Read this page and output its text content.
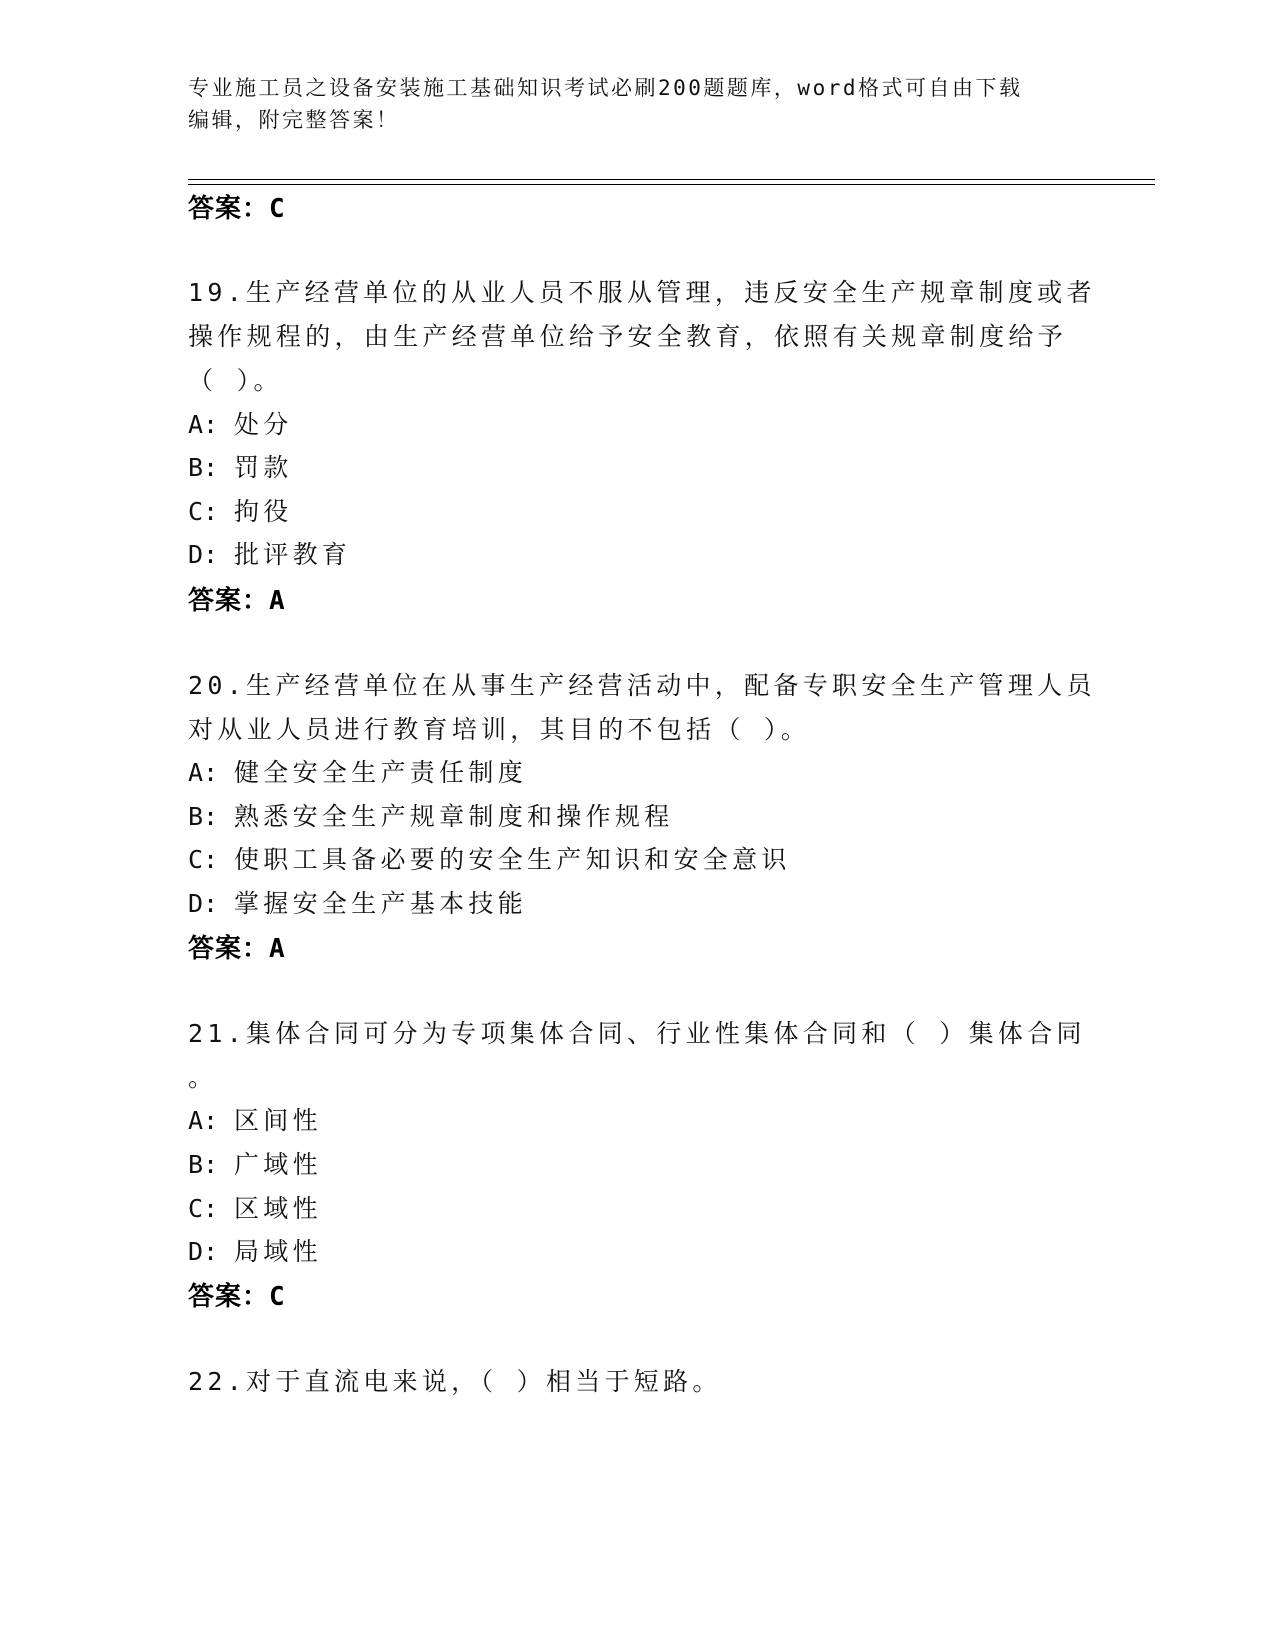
专业施工员之设备安装施工基础知识考试必刷200题题库，word格式可自由下载
编辑，附完整答案！
答案：C
19.生产经营单位的从业人员不服从管理，违反安全生产规章制度或者
操作规程的，由生产经营单位给予安全教育，依照有关规章制度给予
（ ）。
A: 处分
B: 罚款
C: 拘役
D: 批评教育
答案：A
20.生产经营单位在从事生产经营活动中，配备专职安全生产管理人员
对从业人员进行教育培训，其目的不包括（ ）。
A: 健全安全生产责任制度
B: 熟悉安全生产规章制度和操作规程
C: 使职工具备必要的安全生产知识和安全意识
D: 掌握安全生产基本技能
答案：A
21.集体合同可分为专项集体合同、行业性集体合同和（ ）集体合同
。
A: 区间性
B: 广域性
C: 区域性
D: 局域性
答案：C
22.对于直流电来说，（ ）相当于短路。
